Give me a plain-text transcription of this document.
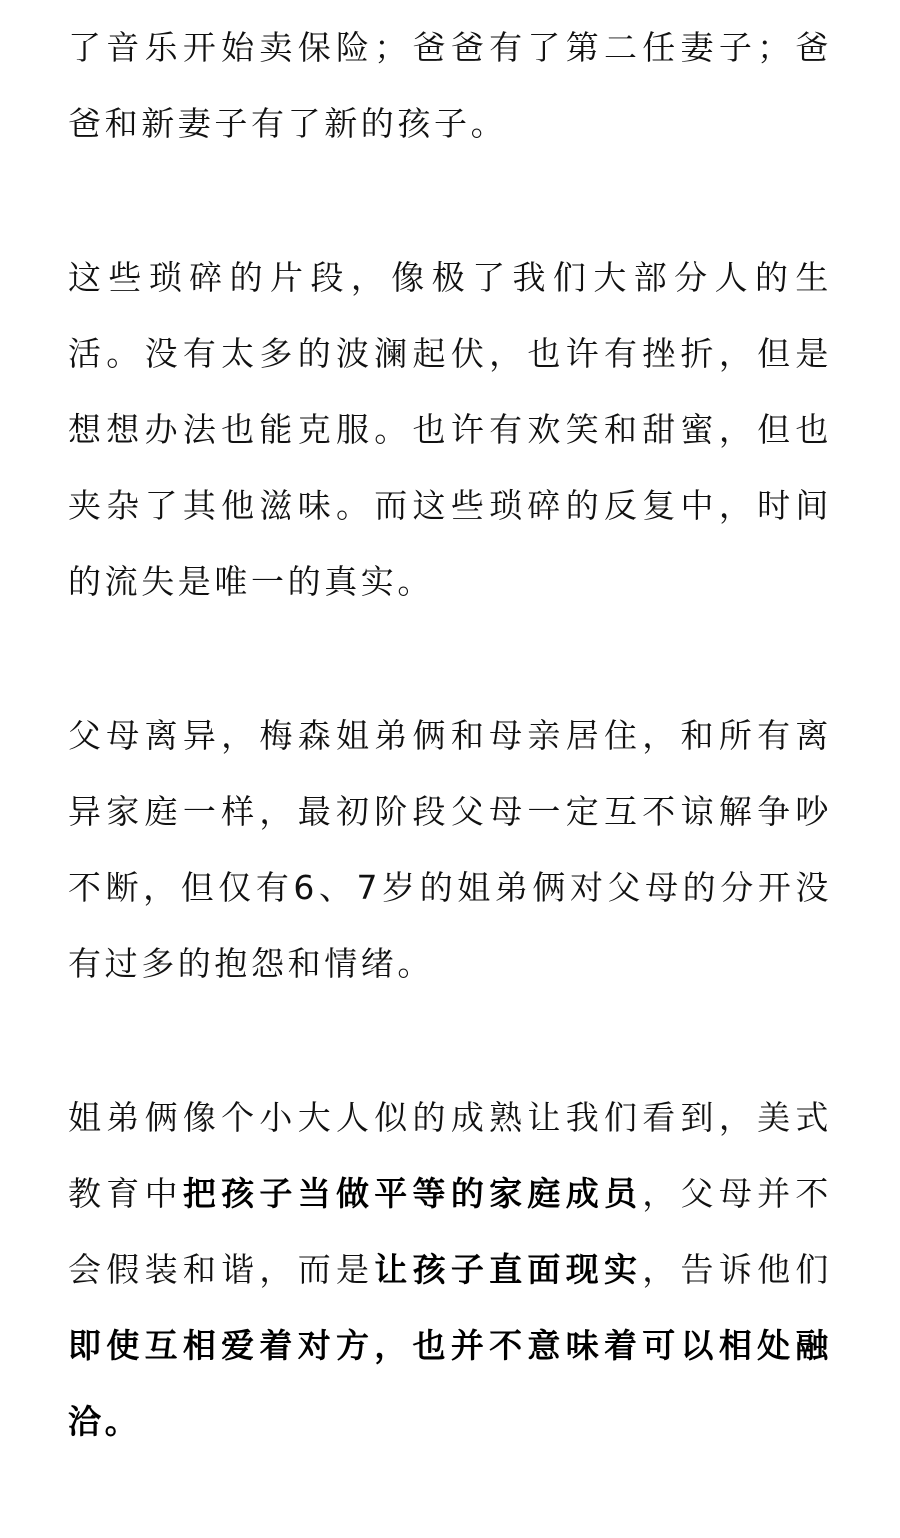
了音乐开始卖保险；爸爸有了第二任妻子；爸爸和新妻子有了新的孩子。

这些琐碎的片段，像极了我们大部分人的生活。没有太多的波澜起伏，也许有挫折，但是想想办法也能克服。也许有欢笑和甜蜜，但也夹杂了其他滋味。而这些琐碎的反复中，时间的流失是唯一的真实。

父母离异，梅森姐弟俩和母亲居住，和所有离异家庭一样，最初阶段父母一定互不谅解争吵不断，但仅有6、7岁的姐弟俩对父母的分开没有过多的抱怨和情绪。

姐弟俩像个小大人似的成熟让我们看到，美式教育中把孩子当做平等的家庭成员，父母并不会假装和谐，而是让孩子直面现实，告诉他们即使互相爱着对方，也并不意味着可以相处融洽。
